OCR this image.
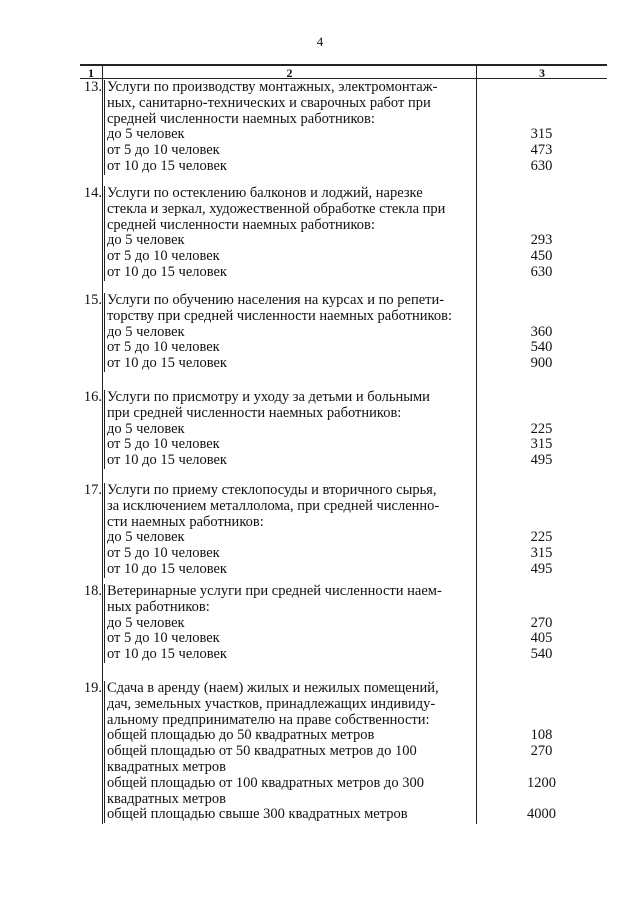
4
1	2	3
13. Услуги по производству монтажных, электромонтаж-
ных, санитарно-технических и сварочных работ при
средней численности наемных работников:
до 5 человек
от 5 до 10 человек
от 10 до 15 человек
315
473
630
14. Услуги по остеклению балконов и лоджий, нарезке
стекла и зеркал, художественной обработке стекла при
средней численности наемных работников:
до 5 человек
от 5 до 10 человек
от 10 до 15 человек
293
450
630
15. Услуги по обучению населения на курсах и по репети-
торству при средней численности наемных работников:
до 5 человек
от 5 до 10 человек
от 10 до 15 человек
360
540
900
16. Услуги по присмотру и уходу за детьми и больными
при средней численности наемных работников:
до 5 человек
от 5 до 10 человек
от 10 до 15 человек
225
315
495
17. Услуги по приему стеклопосуды и вторичного сырья,
за исключением металлолома, при средней численно-
сти наемных работников:
до 5 человек
от 5 до 10 человек
от 10 до 15 человек
225
315
495
18. Ветеринарные услуги при средней численности наем-
ных работников:
до 5 человек
от 5 до 10 человек
от 10 до 15 человек
270
405
540
19. Сдача в аренду (наем) жилых и нежилых помещений,
дач, земельных участков, принадлежащих индивиду-
альному предпринимателю на праве собственности:
общей площадью до 50 квадратных метров
общей площадью от 50 квадратных метров до 100
квадратных метров
общей площадью от 100 квадратных метров до 300
квадратных метров
общей площадью свыше 300 квадратных метров
108
270
1200
4000
